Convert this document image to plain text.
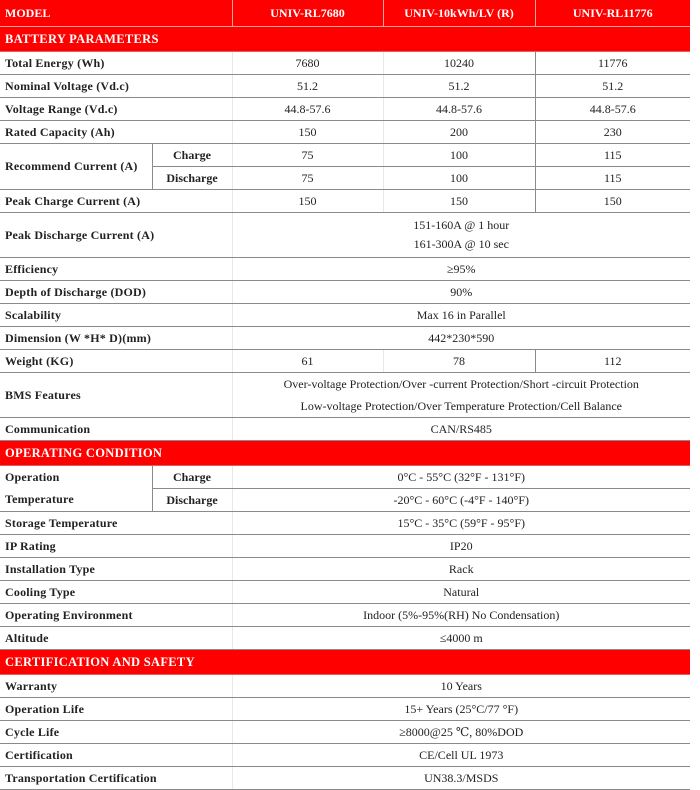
MODEL		UNIV-RL7680	UNIV-10kWh/LV (R)	UNIV-RL11776
BATTERY PARAMETERS				
Total Energy (Wh)		7680	10240	11776
Nominal Voltage (Vd.c)		51.2	51.2	51.2
Voltage Range (Vd.c)		44.8-57.6	44.8-57.6	44.8-57.6
Rated Capacity (Ah)		150	200	230
Recommend Current (A)	Charge	75	100	115
	Discharge	75	100	115
Peak Charge Current (A)		150	150	150
Peak Discharge Current (A)		151-160A @ 1 hour
161-300A @ 10 sec		

Efficiency		≥95%		
Depth of Discharge (DOD)		90%		
Scalability		Max 16 in Parallel		
Dimension (W *H* D)(mm)		442*230*590		
Weight (KG)		61	78	112
BMS Features		Over-voltage Protection/Over -current Protection/Short -circuit Protection
Low-voltage Protection/Over Temperature Protection/Cell Balance		

Communication		CAN/RS485		
OPERATING CONDITION				
Operation	Charge	0°C - 55°C (32°F - 131°F)		
Temperature	Discharge	-20°C - 60°C (-4°F - 140°F)		
Storage Temperature		15°C - 35°C (59°F - 95°F)		
IP Rating		IP20		
Installation Type		Rack		
Cooling Type		Natural		
Operating Environment		Indoor (5%-95%(RH) No Condensation)		
Altitude		≤4000 m		
CERTIFICATION AND SAFETY				
Warranty		10 Years		
Operation Life		15+ Years (25°C/77 °F)		
Cycle Life		≥8000@25 ℃, 80%DOD		
Certification		CE/Cell UL 1973		
Transportation Certification		UN38.3/MSDS		
